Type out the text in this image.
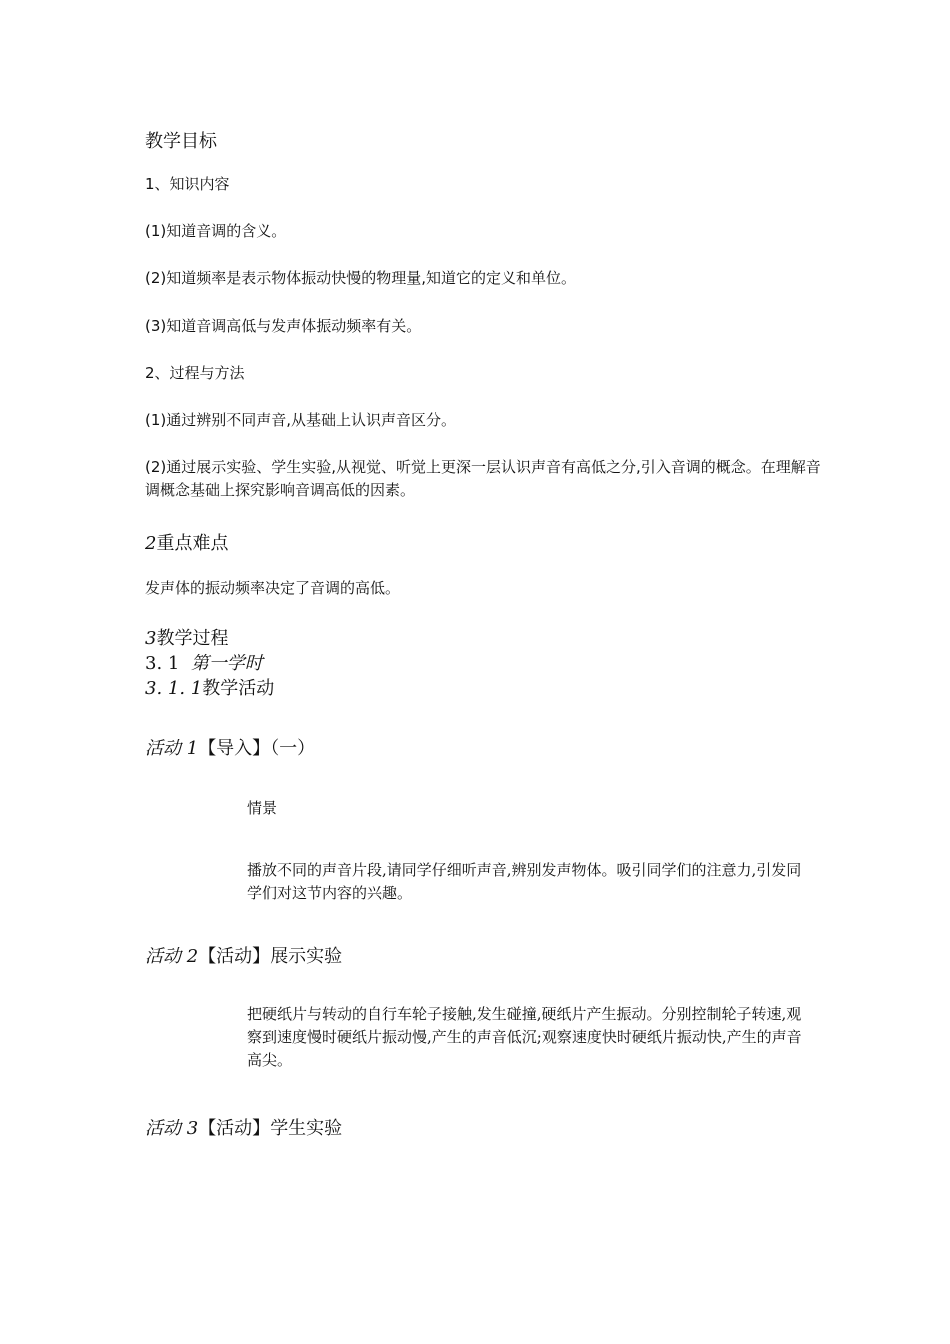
教学目标
1、知识内容
(1)知道音调的含义。
(2)知道频率是表示物体振动快慢的物理量,知道它的定义和单位。
(3)知道音调高低与发声体振动频率有关。
2、过程与方法
(1)通过辨别不同声音,从基础上认识声音区分。
(2)通过展示实验、学生实验,从视觉、听觉上更深一层认识声音有高低之分,引入音调的概念。在理解音调概念基础上探究影响音调高低的因素。
2重点难点
发声体的振动频率决定了音调的高低。
3教学过程
3. 1 第一学时
3. 1. 1教学活动
活动 1【导入】（一）
情景
播放不同的声音片段,请同学仔细听声音,辨别发声物体。吸引同学们的注意力,引发同学们对这节内容的兴趣。
活动 2【活动】展示实验
把硬纸片与转动的自行车轮子接触,发生碰撞,硬纸片产生振动。分别控制轮子转速,观察到速度慢时硬纸片振动慢,产生的声音低沉;观察速度快时硬纸片振动快,产生的声音高尖。
活动 3【活动】学生实验
